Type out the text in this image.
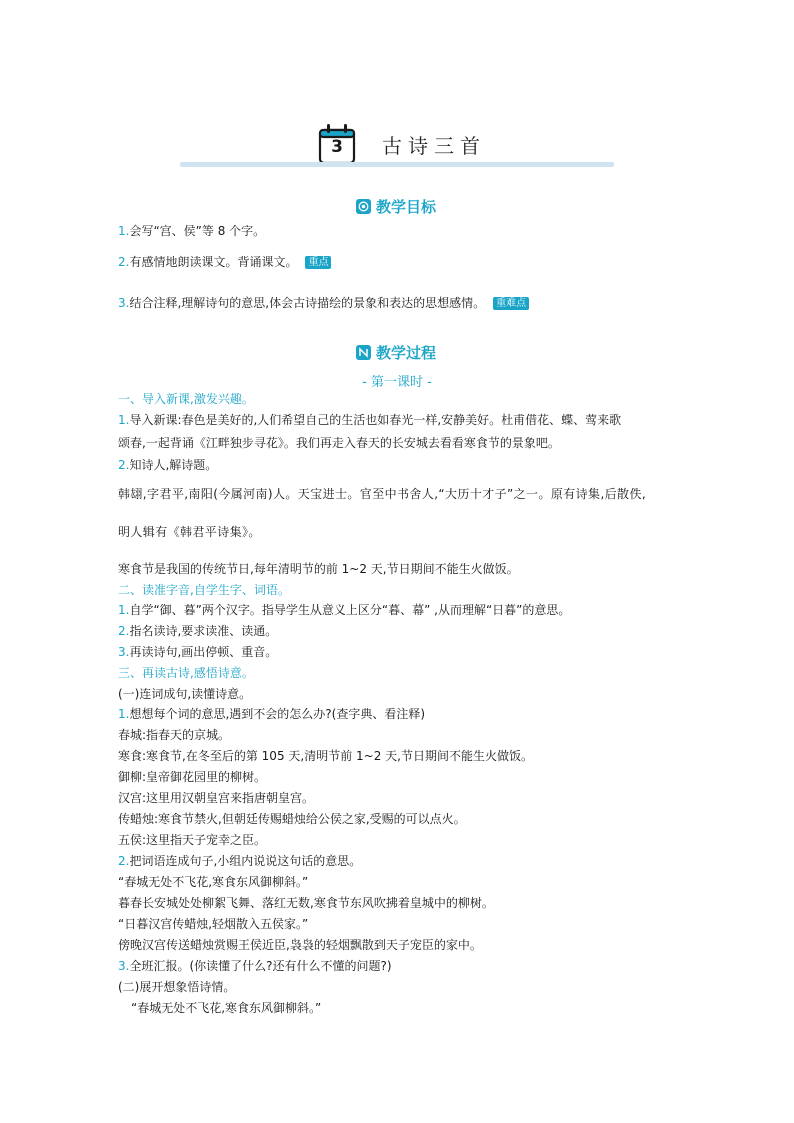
3	古诗三首
教学目标
1.会写“宫、侯”等 8 个字。
2.有感情地朗读课文。背诵课文。 重点
3.结合注释,理解诗句的意思,体会古诗描绘的景象和表达的思想感情。 重难点
教学过程
- 第一课时 -
一、导入新课,激发兴趣。
1.导入新课:春色是美好的,人们希望自己的生活也如春光一样,安静美好。杜甫借花、蝶、莺来歌
颂春,一起背诵《江畔独步寻花》。我们再走入春天的长安城去看看寒食节的景象吧。
2.知诗人,解诗题。
韩翃,字君平,南阳(今属河南)人。天宝进士。官至中书舍人,“大历十才子”之一。原有诗集,后散佚,
明人辑有《韩君平诗集》。
寒食节是我国的传统节日,每年清明节的前 1~2 天,节日期间不能生火做饭。
二、读准字音,自学生字、词语。
1.自学“御、暮”两个汉字。指导学生从意义上区分“暮、幕” ,从而理解“日暮”的意思。
2.指名读诗,要求读准、读通。
3.再读诗句,画出停顿、重音。
三、再读古诗,感悟诗意。
(一)连词成句,读懂诗意。
1.想想每个词的意思,遇到不会的怎么办?(查字典、看注释)
春城:指春天的京城。
寒食:寒食节,在冬至后的第 105 天,清明节前 1~2 天,节日期间不能生火做饭。
御柳:皇帝御花园里的柳树。
汉宫:这里用汉朝皇宫来指唐朝皇宫。
传蜡烛:寒食节禁火,但朝廷传赐蜡烛给公侯之家,受赐的可以点火。
五侯:这里指天子宠幸之臣。
2.把词语连成句子,小组内说说这句话的意思。
“春城无处不飞花,寒食东风御柳斜。”
暮春长安城处处柳絮飞舞、落红无数,寒食节东风吹拂着皇城中的柳树。
“日暮汉宫传蜡烛,轻烟散入五侯家。”
傍晚汉宫传送蜡烛赏赐王侯近臣,袅袅的轻烟飘散到天子宠臣的家中。
3.全班汇报。(你读懂了什么?还有什么不懂的问题?)
(二)展开想象悟诗情。
“春城无处不飞花,寒食东风御柳斜。”
